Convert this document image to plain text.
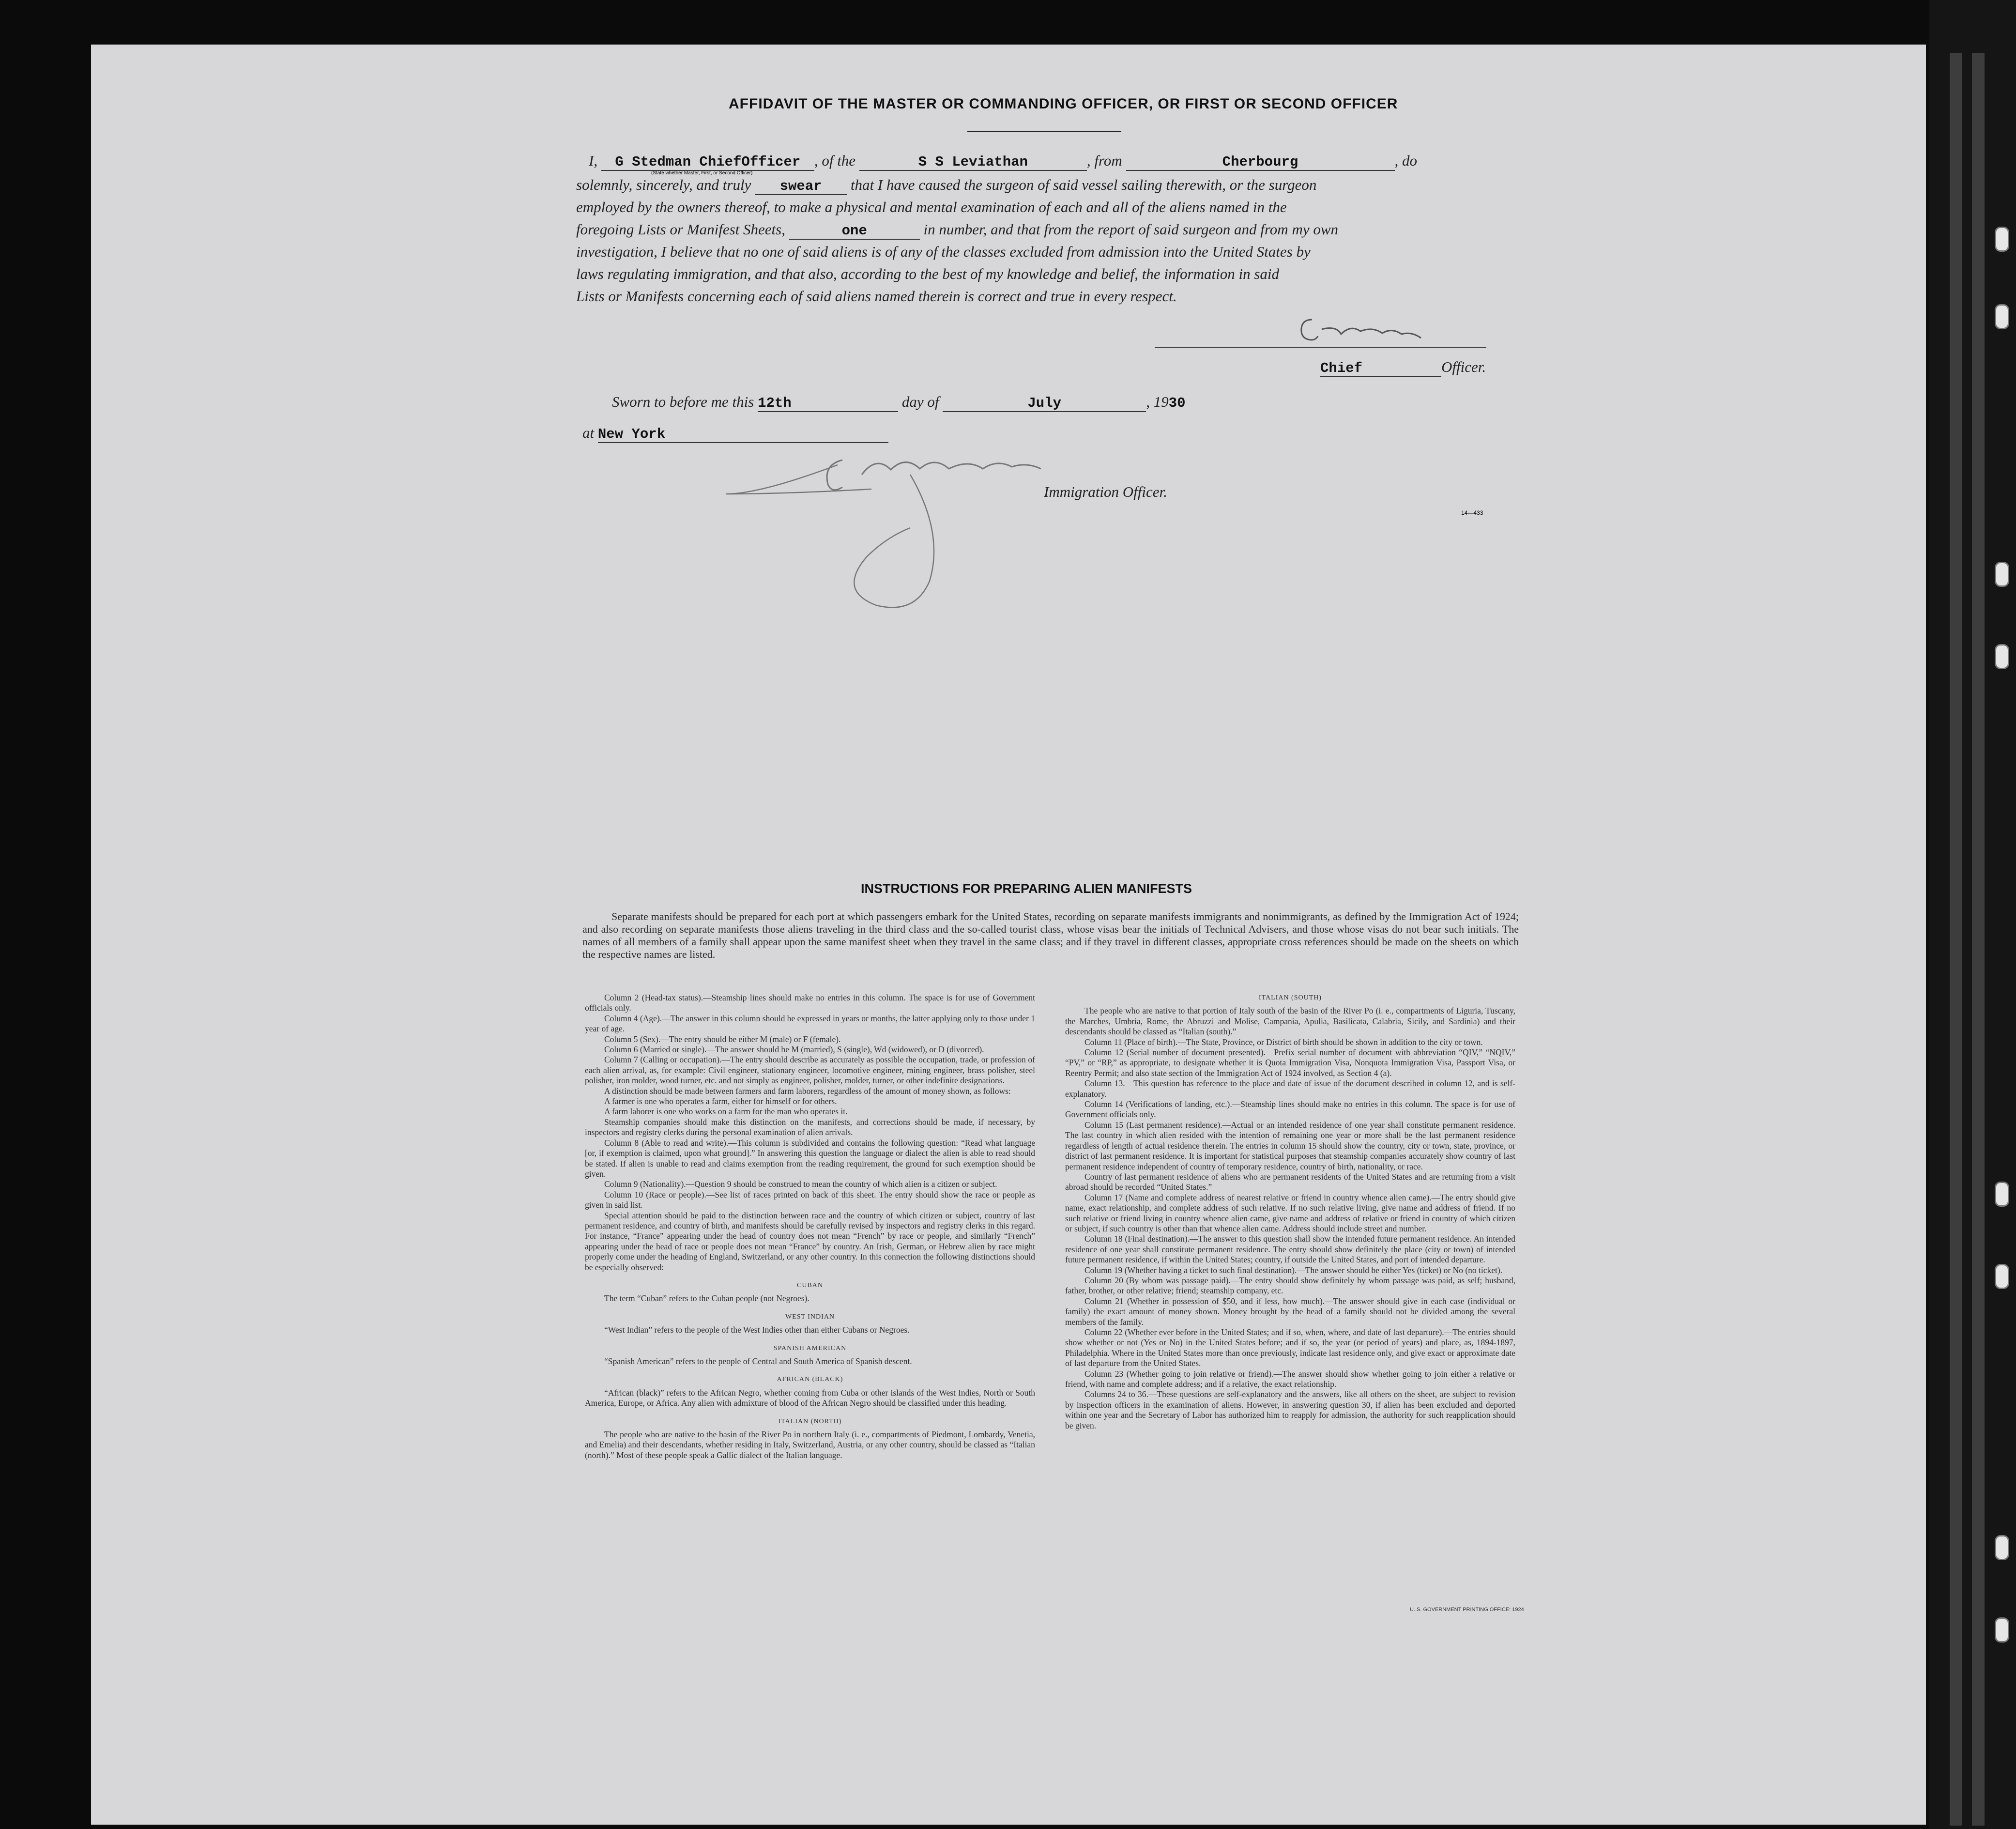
AFFIDAVIT OF THE MASTER OR COMMANDING OFFICER, OR FIRST OR SECOND OFFICER
I, G Stedman ChiefOfficer , of the	S S Leviathan	, from	Cherbourg	, do
(State whether Master, First, or Second Officer)
solemnly, sincerely, and truly swear that I have caused the surgeon of said vessel sailing therewith, or the surgeon
employed by the owners thereof, to make a physical and mental examination of each and all of the aliens named in the
foregoing Lists or Manifest Sheets,	one	in number, and that from the report of said surgeon and from my own
investigation, I believe that no one of said aliens is of any of the classes excluded from admission into the United States by
laws regulating immigration, and that also, according to the best of my knowledge and belief, the information in said
Lists or Manifests concerning each of said aliens named therein is correct and true in every respect.
Chief	Officer.
Sworn to before me this 12th	day of	July	, 1930
at New York
Immigration Officer.
14—433
INSTRUCTIONS FOR PREPARING ALIEN MANIFESTS
Separate manifests should be prepared for each port at which passengers embark for the United States, recording on separate manifests immigrants and nonimmigrants, as defined by the Immigration Act of 1924; and also recording on separate manifests those aliens traveling in the third class and the so-called tourist class, whose visas bear the initials of Technical Advisers, and those whose visas do not bear such initials. The names of all members of a family shall appear upon the same manifest sheet when they travel in the same class; and if they travel in different classes, appropriate cross references should be made on the sheets on which the respective names are listed.

Column 2 (Head-tax status).—Steamship lines should make no entries in this column. The space is for use of Government officials only.

Column 4 (Age).—The answer in this column should be expressed in years or months, the latter applying only to those under 1 year of age.

Column 5 (Sex).—The entry should be either M (male) or F (female).

Column 6 (Married or single).—The answer should be M (married), S (single), Wd (widowed), or D (divorced).

Column 7 (Calling or occupation).—The entry should describe as accurately as possible the occupation, trade, or profession of each alien arrival, as, for example: Civil engineer, stationary engineer, locomotive engineer, mining engineer, brass polisher, steel polisher, iron molder, wood turner, etc. and not simply as engineer, polisher, molder, turner, or other indefinite designations.

A distinction should be made between farmers and farm laborers, regardless of the amount of money shown, as follows:

A farmer is one who operates a farm, either for himself or for others.

A farm laborer is one who works on a farm for the man who operates it.

Steamship companies should make this distinction on the manifests, and corrections should be made, if necessary, by inspectors and registry clerks during the personal examination of alien arrivals.

Column 8 (Able to read and write).—This column is subdivided and contains the following question: “Read what language [or, if exemption is claimed, upon what ground].” In answering this question the language or dialect the alien is able to read should be stated. If alien is unable to read and claims exemption from the reading requirement, the ground for such exemption should be given.

Column 9 (Nationality).—Question 9 should be construed to mean the country of which alien is a citizen or subject.

Column 10 (Race or people).—See list of races printed on back of this sheet. The entry should show the race or people as given in said list.

Special attention should be paid to the distinction between race and the country of which citizen or subject, country of last permanent residence, and country of birth, and manifests should be carefully revised by inspectors and registry clerks in this regard. For instance, “France” appearing under the head of country does not mean “French” by race or people, and similarly “French” appearing under the head of race or people does not mean “France” by country. An Irish, German, or Hebrew alien by race might properly come under the heading of England, Switzerland, or any other country. In this connection the following distinctions should be especially observed:

CUBAN

The term “Cuban” refers to the Cuban people (not Negroes).

WEST INDIAN

“West Indian” refers to the people of the West Indies other than either Cubans or Negroes.

SPANISH AMERICAN

“Spanish American” refers to the people of Central and South America of Spanish descent.

AFRICAN (BLACK)

“African (black)” refers to the African Negro, whether coming from Cuba or other islands of the West Indies, North or South America, Europe, or Africa. Any alien with admixture of blood of the African Negro should be classified under this heading.

ITALIAN (NORTH)

The people who are native to the basin of the River Po in northern Italy (i. e., compartments of Piedmont, Lombardy, Venetia, and Emelia) and their descendants, whether residing in Italy, Switzerland, Austria, or any other country, should be classed as “Italian (north).” Most of these people speak a Gallic dialect of the Italian language.

ITALIAN (SOUTH)

The people who are native to that portion of Italy south of the basin of the River Po (i. e., compartments of Liguria, Tuscany, the Marches, Umbria, Rome, the Abruzzi and Molise, Campania, Apulia, Basilicata, Calabria, Sicily, and Sardinia) and their descendants should be classed as “Italian (south).”

Column 11 (Place of birth).—The State, Province, or District of birth should be shown in addition to the city or town.

Column 12 (Serial number of document presented).—Prefix serial number of document with abbreviation “QIV,” “NQIV,” “PV,” or “RP,” as appropriate, to designate whether it is Quota Immigration Visa, Nonquota Immigration Visa, Passport Visa, or Reentry Permit; and also state section of the Immigration Act of 1924 involved, as Section 4 (a).

Column 13.—This question has reference to the place and date of issue of the document described in column 12, and is self-explanatory.

Column 14 (Verifications of landing, etc.).—Steamship lines should make no entries in this column. The space is for use of Government officials only.

Column 15 (Last permanent residence).—Actual or an intended residence of one year shall constitute permanent residence. The last country in which alien resided with the intention of remaining one year or more shall be the last permanent residence regardless of length of actual residence therein. The entries in column 15 should show the country, city or town, state, province, or district of last permanent residence. It is important for statistical purposes that steamship companies accurately show country of last permanent residence independent of country of temporary residence, country of birth, nationality, or race.

Country of last permanent residence of aliens who are permanent residents of the United States and are returning from a visit abroad should be recorded “United States.”

Column 17 (Name and complete address of nearest relative or friend in country whence alien came).—The entry should give name, exact relationship, and complete address of such relative. If no such relative living, give name and address of friend. If no such relative or friend living in country whence alien came, give name and address of relative or friend in country of which citizen or subject, if such country is other than that whence alien came. Address should include street and number.

Column 18 (Final destination).—The answer to this question shall show the intended future permanent residence. An intended residence of one year shall constitute permanent residence. The entry should show definitely the place (city or town) of intended future permanent residence, if within the United States; country, if outside the United States, and port of intended departure.

Column 19 (Whether having a ticket to such final destination).—The answer should be either Yes (ticket) or No (no ticket).

Column 20 (By whom was passage paid).—The entry should show definitely by whom passage was paid, as self; husband, father, brother, or other relative; friend; steamship company, etc.

Column 21 (Whether in possession of $50, and if less, how much).—The answer should give in each case (individual or family) the exact amount of money shown. Money brought by the head of a family should not be divided among the several members of the family.

Column 22 (Whether ever before in the United States; and if so, when, where, and date of last departure).—The entries should show whether or not (Yes or No) in the United States before; and if so, the year (or period of years) and place, as, 1894-1897, Philadelphia. Where in the United States more than once previously, indicate last residence only, and give exact or approximate date of last departure from the United States.

Column 23 (Whether going to join relative or friend).—The answer should show whether going to join either a relative or friend, with name and complete address; and if a relative, the exact relationship.

Columns 24 to 36.—These questions are self-explanatory and the answers, like all others on the sheet, are subject to revision by inspection officers in the examination of aliens. However, in answering question 30, if alien has been excluded and deported within one year and the Secretary of Labor has authorized him to reapply for admission, the authority for such reapplication should be given.

U. S. GOVERNMENT PRINTING OFFICE: 1924
